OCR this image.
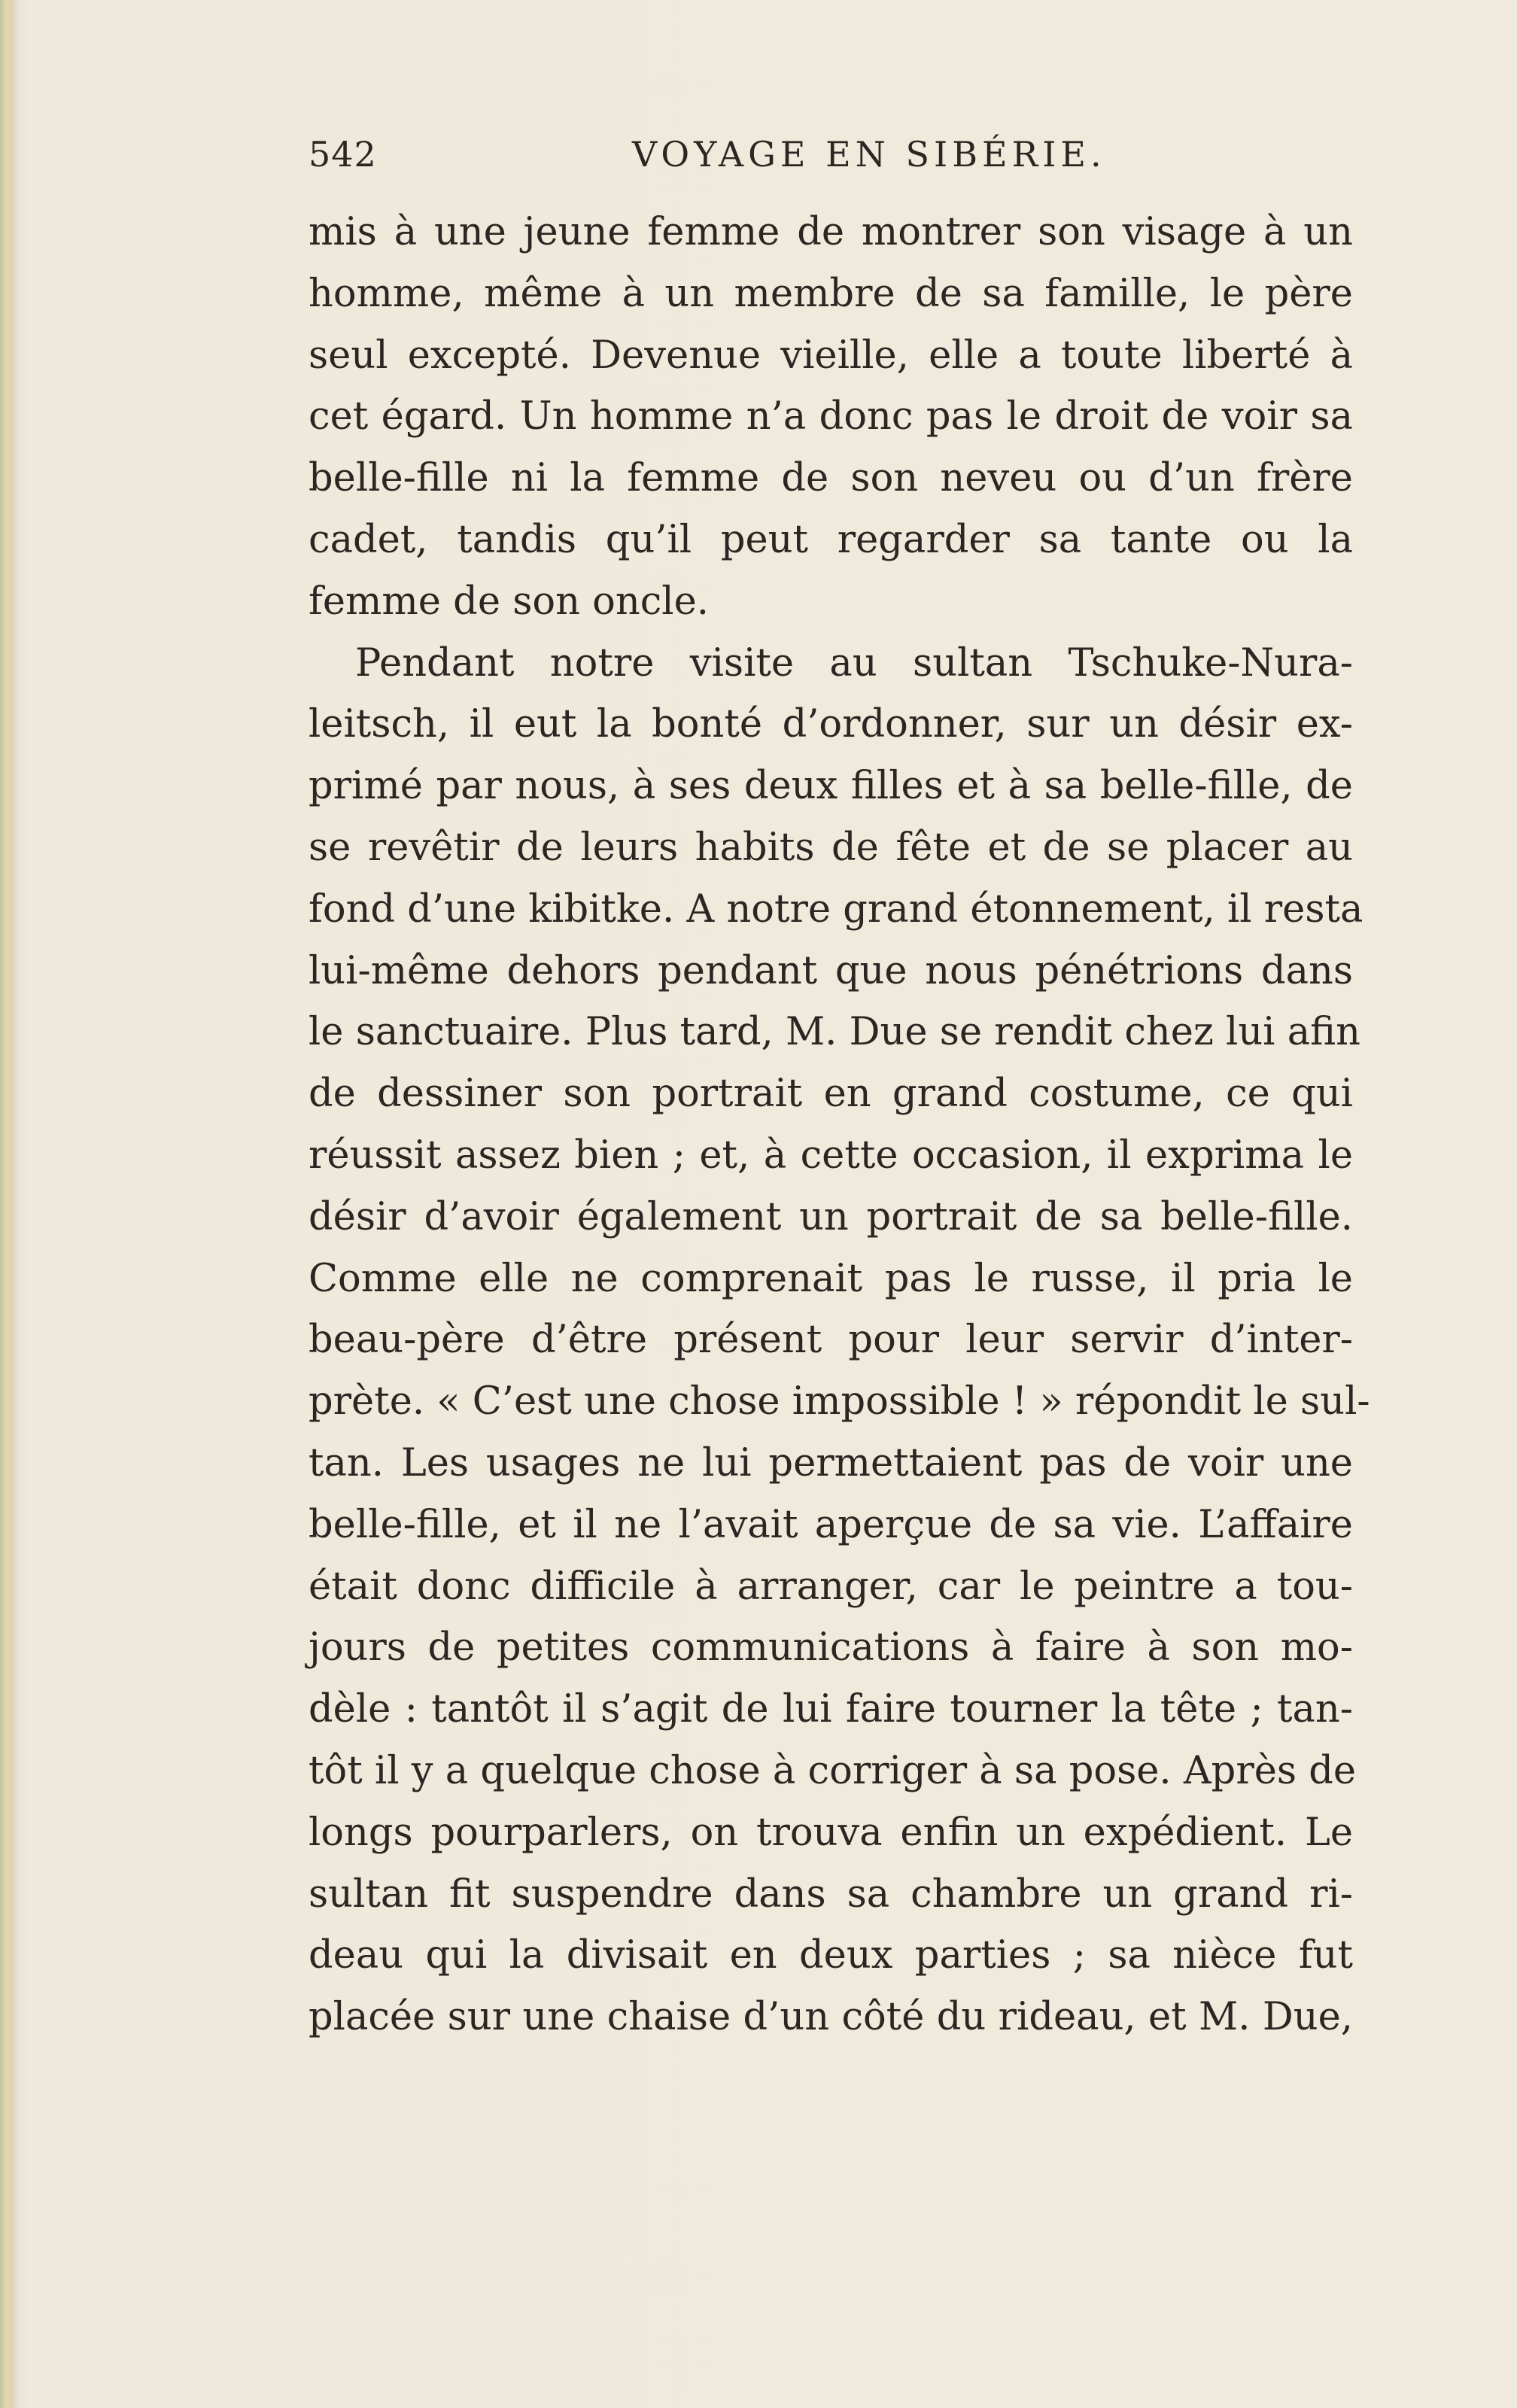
542	VOYAGE EN SIBÉRIE.
mis à une jeune femme de montrer son visage à un
homme, même à un membre de sa famille, le père
seul excepté. Devenue vieille, elle a toute liberté à
cet égard. Un homme n’a donc pas le droit de voir sa
belle-fille ni la femme de son neveu ou d’un frère
cadet, tandis qu’il peut regarder sa tante ou la
femme de son oncle.
Pendant notre visite au sultan Tschuke-Nura-
leitsch, il eut la bonté d’ordonner, sur un désir ex-
primé par nous, à ses deux filles et à sa belle-fille, de
se revêtir de leurs habits de fête et de se placer au
fond d’une kibitke. A notre grand étonnement, il resta
lui-même dehors pendant que nous pénétrions dans
le sanctuaire. Plus tard, M. Due se rendit chez lui afin
de dessiner son portrait en grand costume, ce qui
réussit assez bien ; et, à cette occasion, il exprima le
désir d’avoir également un portrait de sa belle-fille.
Comme elle ne comprenait pas le russe, il pria le
beau-père d’être présent pour leur servir d’inter-
prète. « C’est une chose impossible ! » répondit le sul-
tan. Les usages ne lui permettaient pas de voir une
belle-fille, et il ne l’avait aperçue de sa vie. L’affaire
était donc difficile à arranger, car le peintre a tou-
jours de petites communications à faire à son mo-
dèle : tantôt il s’agit de lui faire tourner la tête ; tan-
tôt il y a quelque chose à corriger à sa pose. Après de
longs pourparlers, on trouva enfin un expédient. Le
sultan fit suspendre dans sa chambre un grand ri-
deau qui la divisait en deux parties ; sa nièce fut
placée sur une chaise d’un côté du rideau, et M. Due,
